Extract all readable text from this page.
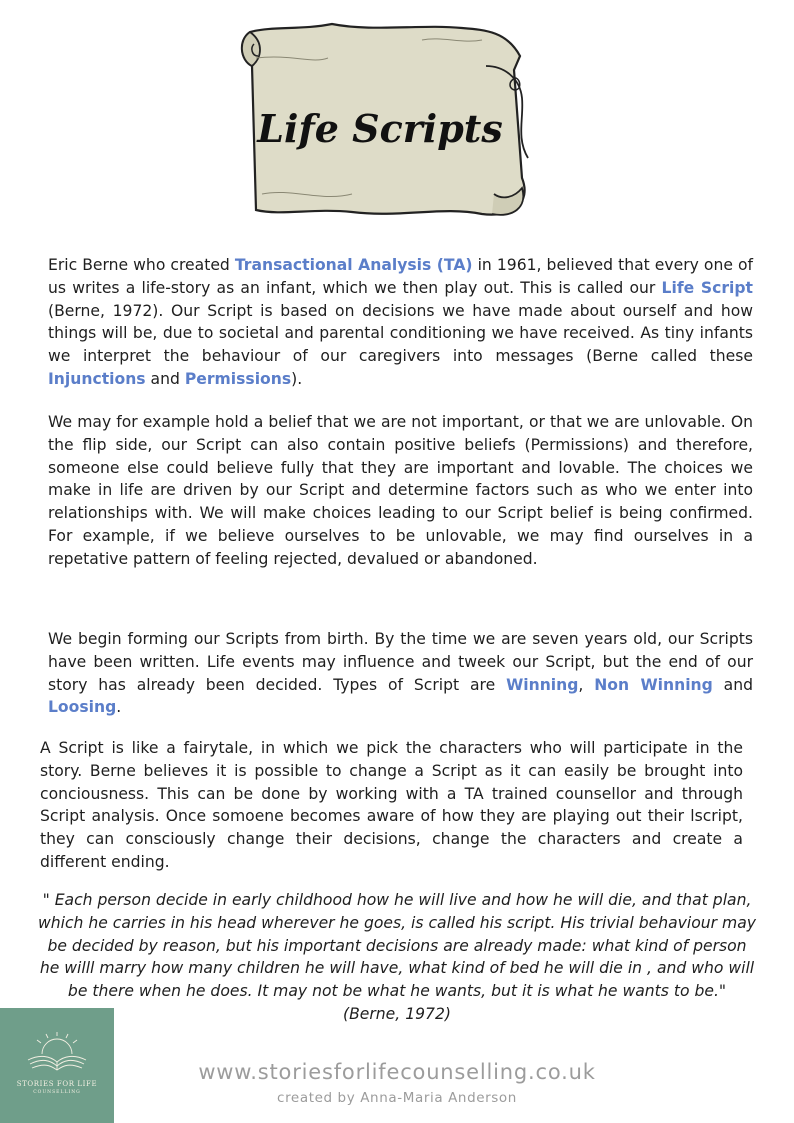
Life Scripts

Eric Berne who created Transactional Analysis (TA) in 1961, believed that every one of us writes a life-story as an infant, which we then play out. This is called our Life Script (Berne, 1972). Our Script is based on decisions we have made about ourself and how things will be, due to societal and parental conditioning we have received. As tiny infants we interpret the behaviour of our caregivers into messages (Berne called these Injunctions and Permissions).

We may for example hold a belief that we are not important, or that we are unlovable. On the flip side, our Script can also contain positive beliefs (Permissions) and therefore, someone else could believe fully that they are important and lovable. The choices we make in life are driven by our Script and determine factors such as who we enter into relationships with. We will make choices leading to our Script belief is being confirmed. For example, if we believe ourselves to be unlovable, we may find ourselves in a repetative pattern of feeling rejected, devalued or abandoned.

We begin forming our Scripts from birth. By the time we are seven years old, our Scripts have been written. Life events may influence and tweek our Script, but the end of our story has already been decided. Types of Script are Winning, Non Winning and Loosing.

A Script is like a fairytale, in which we pick the characters who will participate in the story. Berne believes it is possible to change a Script as it can easily be brought into conciousness. This can be done by working with a TA trained counsellor and through Script analysis. Once somoene becomes aware of how they are playing out their lscript, they can consciously change their decisions, change the characters and create a different ending.

" Each person decide in early childhood how he will live and how he will die, and that plan, which he carries in his head wherever he goes, is called his script. His trivial behaviour may be decided by reason, but his important decisions are already made: what kind of person he willl marry how many children he will have, what kind of bed he will die in , and who will be there when he does. It may not be what he wants, but it is what he wants to be."
(Berne, 1972)

STORIES FOR LIFE
COUNSELLING
www.storiesforlifecounselling.co.uk
created by Anna-Maria Anderson
